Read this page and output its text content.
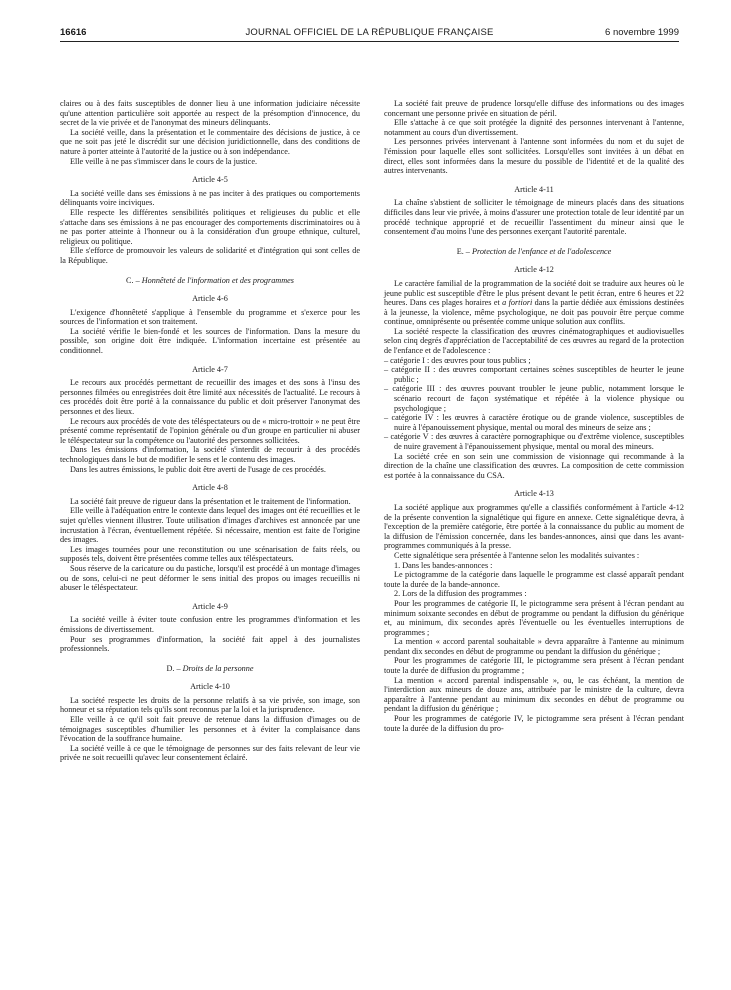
16616	JOURNAL OFFICIEL DE LA RÉPUBLIQUE FRANÇAISE	6 novembre 1999

claires ou à des faits susceptibles de donner lieu à une information judiciaire nécessite qu'une attention particulière soit apportée au respect de la présomption d'innocence, du secret de la vie privée et de l'anonymat des mineurs délinquants.

La société veille, dans la présentation et le commentaire des décisions de justice, à ce que ne soit pas jeté le discrédit sur une décision juridictionnelle, dans des conditions de nature à porter atteinte à l'autorité de la justice ou à son indépendance.

Elle veille à ne pas s'immiscer dans le cours de la justice.

Article 4-5

La société veille dans ses émissions à ne pas inciter à des pratiques ou comportements délinquants voire inciviques.

Elle respecte les différentes sensibilités politiques et religieuses du public et elle s'attache dans ses émissions à ne pas encourager des comportements discriminatoires ou à ne pas porter atteinte à l'honneur ou à la considération d'un groupe ethnique, culturel, religieux ou politique.

Elle s'efforce de promouvoir les valeurs de solidarité et d'intégration qui sont celles de la République.

C. – Honnêteté de l'information et des programmes
Article 4-6

L'exigence d'honnêteté s'applique à l'ensemble du programme et s'exerce pour les sources de l'information et son traitement.

La société vérifie le bien-fondé et les sources de l'information. Dans la mesure du possible, son origine doit être indiquée. L'information incertaine est présentée au conditionnel.

Article 4-7

Le recours aux procédés permettant de recueillir des images et des sons à l'insu des personnes filmées ou enregistrées doit être limité aux nécessités de l'actualité. Le recours à ces procédés doit être porté à la connaissance du public et doit préserver l'anonymat des personnes et des lieux.

Le recours aux procédés de vote des téléspectateurs ou de « micro-trottoir » ne peut être présenté comme représentatif de l'opinion générale ou d'un groupe en particulier ni abuser le téléspectateur sur la compétence ou l'autorité des personnes sollicitées.

Dans les émissions d'information, la société s'interdit de recourir à des procédés technologiques dans le but de modifier le sens et le contenu des images.

Dans les autres émissions, le public doit être averti de l'usage de ces procédés.

Article 4-8

La société fait preuve de rigueur dans la présentation et le traitement de l'information.

Elle veille à l'adéquation entre le contexte dans lequel des images ont été recueillies et le sujet qu'elles viennent illustrer. Toute utilisation d'images d'archives est annoncée par une incrustation à l'écran, éventuellement répétée. Si nécessaire, mention est faite de l'origine des images.

Les images tournées pour une reconstitution ou une scénarisation de faits réels, ou supposés tels, doivent être présentées comme telles aux téléspectateurs.

Sous réserve de la caricature ou du pastiche, lorsqu'il est procédé à un montage d'images ou de sons, celui-ci ne peut déformer le sens initial des propos ou images recueillis ni abuser le téléspectateur.

Article 4-9

La société veille à éviter toute confusion entre les programmes d'information et les émissions de divertissement.

Pour ses programmes d'information, la société fait appel à des journalistes professionnels.

D. – Droits de la personne
Article 4-10

La société respecte les droits de la personne relatifs à sa vie privée, son image, son honneur et sa réputation tels qu'ils sont reconnus par la loi et la jurisprudence.

Elle veille à ce qu'il soit fait preuve de retenue dans la diffusion d'images ou de témoignages susceptibles d'humilier les personnes et à éviter la complaisance dans l'évocation de la souffrance humaine.

La société veille à ce que le témoignage de personnes sur des faits relevant de leur vie privée ne soit recueilli qu'avec leur consentement éclairé.

La société fait preuve de prudence lorsqu'elle diffuse des informations ou des images concernant une personne privée en situation de péril.

Elle s'attache à ce que soit protégée la dignité des personnes intervenant à l'antenne, notamment au cours d'un divertissement.

Les personnes privées intervenant à l'antenne sont informées du nom et du sujet de l'émission pour laquelle elles sont sollicitées. Lorsqu'elles sont invitées à un débat en direct, elles sont informées dans la mesure du possible de l'identité et de la qualité des autres intervenants.

Article 4-11

La chaîne s'abstient de solliciter le témoignage de mineurs placés dans des situations difficiles dans leur vie privée, à moins d'assurer une protection totale de leur identité par un procédé technique approprié et de recueillir l'assentiment du mineur ainsi que le consentement d'au moins l'une des personnes exerçant l'autorité parentale.

E. – Protection de l'enfance et de l'adolescence
Article 4-12

Le caractère familial de la programmation de la société doit se traduire aux heures où le jeune public est susceptible d'être le plus présent devant le petit écran, entre 6 heures et 22 heures. Dans ces plages horaires et a fortiori dans la partie dédiée aux émissions destinées à la jeunesse, la violence, même psychologique, ne doit pas pouvoir être perçue comme continue, omniprésente ou présentée comme unique solution aux conflits.

La société respecte la classification des œuvres cinématographiques et audiovisuelles selon cinq degrés d'appréciation de l'acceptabilité de ces œuvres au regard de la protection de l'enfance et de l'adolescence :

– catégorie I : des œuvres pour tous publics ;
– catégorie II : des œuvres comportant certaines scènes susceptibles de heurter le jeune public ;
– catégorie III : des œuvres pouvant troubler le jeune public, notamment lorsque le scénario recourt de façon systématique et répétée à la violence physique ou psychologique ;
– catégorie IV : les œuvres à caractère érotique ou de grande violence, susceptibles de nuire à l'épanouissement physique, mental ou moral des mineurs de seize ans ;
– catégorie V : des œuvres à caractère pornographique ou d'extrême violence, susceptibles de nuire gravement à l'épanouissement physique, mental ou moral des mineurs.

La société crée en son sein une commission de visionnage qui recommande à la direction de la chaîne une classification des œuvres. La composition de cette commission est portée à la connaissance du CSA.

Article 4-13

La société applique aux programmes qu'elle a classifiés conformément à l'article 4-12 de la présente convention la signalétique qui figure en annexe. Cette signalétique devra, à l'exception de la première catégorie, être portée à la connaissance du public au moment de la diffusion de l'émission concernée, dans les bandes-annonces, ainsi que dans les avant-programmes communiqués à la presse.

Cette signalétique sera présentée à l'antenne selon les modalités suivantes :

1. Dans les bandes-annonces :

Le pictogramme de la catégorie dans laquelle le programme est classé apparaît pendant toute la durée de la bande-annonce.

2. Lors de la diffusion des programmes :

Pour les programmes de catégorie II, le pictogramme sera présent à l'écran pendant au minimum soixante secondes en début de programme ou pendant la diffusion du générique et, au minimum, dix secondes après l'éventuelle ou les éventuelles interruptions de programmes ;

La mention « accord parental souhaitable » devra apparaître à l'antenne au minimum pendant dix secondes en début de programme ou pendant la diffusion du générique ;

Pour les programmes de catégorie III, le pictogramme sera présent à l'écran pendant toute la durée de diffusion du programme ;

La mention « accord parental indispensable », ou, le cas échéant, la mention de l'interdiction aux mineurs de douze ans, attribuée par le ministre de la culture, devra apparaître à l'antenne pendant au minimum dix secondes en début de programme ou pendant la diffusion du générique ;

Pour les programmes de catégorie IV, le pictogramme sera présent à l'écran pendant toute la durée de la diffusion du pro-
